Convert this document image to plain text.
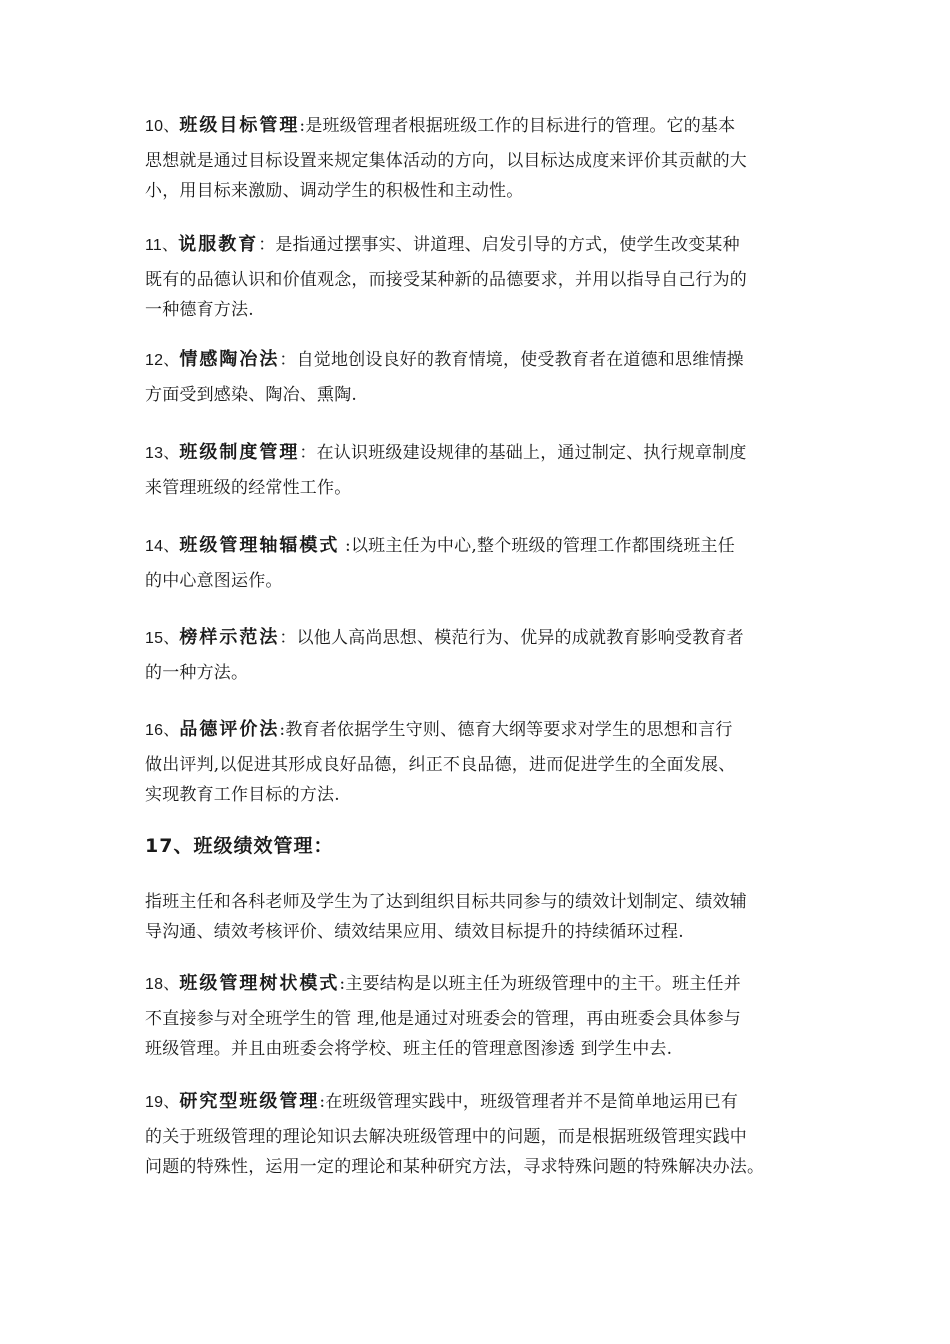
10、班级目标管理:是班级管理者根据班级工作的目标进行的管理。它的基本
思想就是通过目标设置来规定集体活动的方向，以目标达成度来评价其贡献的大
小，用目标来激励、调动学生的积极性和主动性。
11、说服教育：是指通过摆事实、讲道理、启发引导的方式，使学生改变某种
既有的品德认识和价值观念，而接受某种新的品德要求，并用以指导自己行为的
一种德育方法.
12、情感陶冶法：自觉地创设良好的教育情境，使受教育者在道德和思维情操
方面受到感染、陶冶、熏陶.
13、班级制度管理：在认识班级建设规律的基础上，通过制定、执行规章制度
来管理班级的经常性工作。
14、班级管理轴辐模式 :以班主任为中心,整个班级的管理工作都围绕班主任
的中心意图运作。
15、榜样示范法：以他人高尚思想、模范行为、优异的成就教育影响受教育者
的一种方法。
16、品德评价法:教育者依据学生守则、德育大纲等要求对学生的思想和言行
做出评判,以促进其形成良好品德，纠正不良品德，进而促进学生的全面发展、
实现教育工作目标的方法.
17、班级绩效管理：
指班主任和各科老师及学生为了达到组织目标共同参与的绩效计划制定、绩效辅
导沟通、绩效考核评价、绩效结果应用、绩效目标提升的持续循环过程.
18、班级管理树状模式:主要结构是以班主任为班级管理中的主干。班主任并
不直接参与对全班学生的管 理,他是通过对班委会的管理，再由班委会具体参与
班级管理。并且由班委会将学校、班主任的管理意图渗透 到学生中去.
19、研究型班级管理:在班级管理实践中，班级管理者并不是简单地运用已有
的关于班级管理的理论知识去解决班级管理中的问题，而是根据班级管理实践中
问题的特殊性，运用一定的理论和某种研究方法，寻求特殊问题的特殊解决办法。
